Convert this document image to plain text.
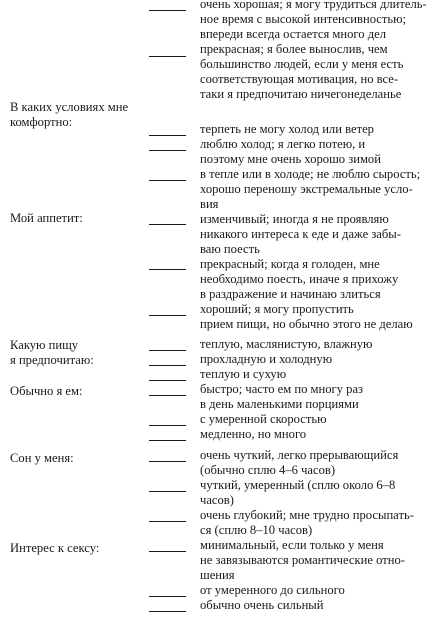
очень хорошая; я могу трудиться длитель-
ное время с высокой интенсивностью;
впереди всегда остается много дел
прекрасная; я более вынослив, чем
большинство людей, если у меня есть
соответствующая мотивация, но все-
таки я предпочитаю ничегонеделанье
терпеть не могу холод или ветер
люблю холод; я легко потею, и
поэтому мне очень хорошо зимой
в тепле или в холоде; не люблю сырость;
хорошо переношу экстремальные усло-
вия
изменчивый; иногда я не проявляю
никакого интереса к еде и даже забы-
ваю поесть
прекрасный; когда я голоден, мне
необходимо поесть, иначе я прихожу
в раздражение и начинаю злиться
хороший; я могу пропустить
прием пищи, но обычно этого не делаю
теплую, маслянистую, влажную
прохладную и холодную
теплую и сухую
быстро; часто ем по многу раз
в день маленькими порциями
с умеренной скоростью
медленно, но много
очень чуткий, легко прерывающийся
(обычно сплю 4–6 часов)
чуткий, умеренный (сплю около 6–8
часов)
очень глубокий; мне трудно просыпать-
ся (сплю 8–10 часов)
минимальный, если только у меня
не завязываются романтические отно-
шения
от умеренного до сильного
обычно очень сильный
В каких условиях мне
комфортно:
Мой аппетит:
Какую пищу
я предпочитаю:
Обычно я ем:
Сон у меня:
Интерес к сексу:
